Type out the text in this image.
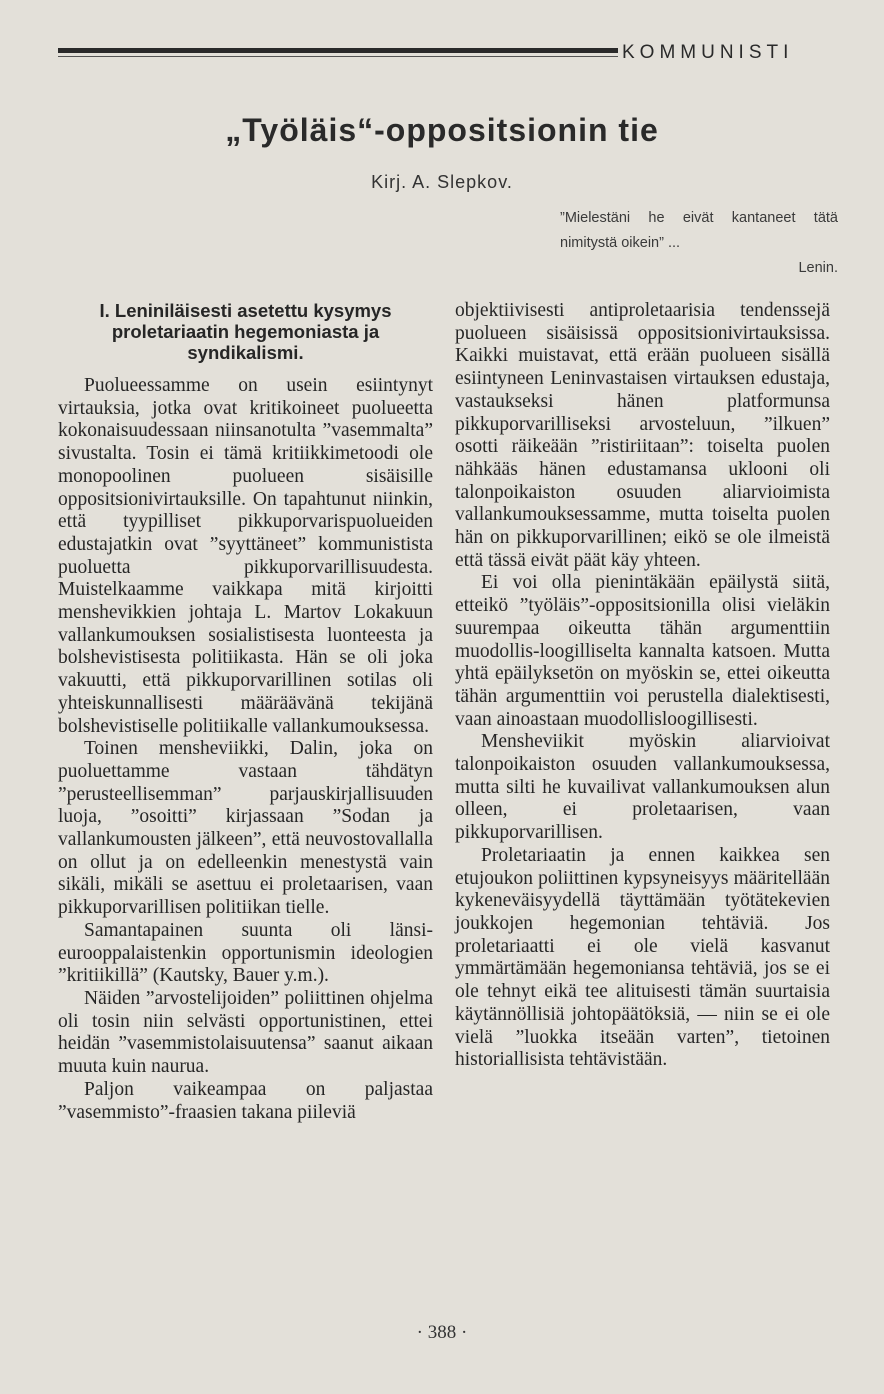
KOMMUNISTI
„Työläis“-oppositsionin tie
Kirj. A. Slepkov.
”Mielestäni he eivät kantaneet tätä nimitystä oikein” ...
Lenin.
I. Leniniläisesti asetettu kysymys proletariaatin hegemoniasta ja syndikalismi.

Puolueessamme on usein esiintynyt virtauksia, jotka ovat kritikoineet puolueetta kokonaisuudessaan niinsanotulta ”vasemmalta” sivustalta. Tosin ei tämä kritiikkimetoodi ole monopoolinen puolueen sisäisille oppositsionivirtauksille. On tapahtunut niinkin, että tyypilliset pikkuporvarispuolueiden edustajatkin ovat ”syyttäneet” kommunistista puoluetta pikkuporvarillisuudesta. Muistelkaamme vaikkapa mitä kirjoitti menshevikkien johtaja L. Martov Lokakuun vallankumouksen sosialistisesta luonteesta ja bolshevistisesta politiikasta. Hän se oli joka vakuutti, että pikkuporvarillinen sotilas oli yhteiskunnallisesti määräävänä tekijänä bolshevistiselle politiikalle vallankumouksessa.

Toinen mensheviikki, Dalin, joka on puoluettamme vastaan tähdätyn ”perusteellisemman” parjauskirjallisuuden luoja, ”osoitti” kirjassaan ”Sodan ja vallankumousten jälkeen”, että neuvostovallalla on ollut ja on edelleenkin menestystä vain sikäli, mikäli se asettuu ei proletaarisen, vaan pikkuporvarillisen politiikan tielle.

Samantapainen suunta oli länsi-eurooppalaistenkin opportunismin ideologien ”kritiikillä” (Kautsky, Bauer y.m.).

Näiden ”arvostelijoiden” poliittinen ohjelma oli tosin niin selvästi opportunistinen, ettei heidän ”vasemmistolaisuutensa” saanut aikaan muuta kuin naurua.

Paljon vaikeampaa on paljastaa ”vasemmisto”-fraasien takana piileviä

objektiivisesti antiproletaarisia tendenssejä puolueen sisäisissä oppositsionivirtauksissa. Kaikki muistavat, että erään puolueen sisällä esiintyneen Leninvastaisen virtauksen edustaja, vastaukseksi hänen platformunsa pikkuporvarilliseksi arvosteluun, ”ilkuen” osotti räikeään ”ristiriitaan”: toiselta puolen nähkääs hänen edustamansa uklooni oli talonpoikaiston osuuden aliarvioimista vallankumouksessamme, mutta toiselta puolen hän on pikkuporvarillinen; eikö se ole ilmeistä että tässä eivät päät käy yhteen.

Ei voi olla pienintäkään epäilystä siitä, etteikö ”työläis”-oppositsionilla olisi vieläkin suurempaa oikeutta tähän argumenttiin muodollis-loogilliselta kannalta katsoen. Mutta yhtä epäilyksetön on myöskin se, ettei oikeutta tähän argumenttiin voi perustella dialektisesti, vaan ainoastaan muodollisloogillisesti.

Mensheviikit myöskin aliarvioivat talonpoikaiston osuuden vallankumouksessa, mutta silti he kuvailivat vallankumouksen alun olleen, ei proletaarisen, vaan pikkuporvarillisen.

Proletariaatin ja ennen kaikkea sen etujoukon poliittinen kypsyneisyys määritellään kykeneväisyydellä täyttämään työtätekevien joukkojen hegemonian tehtäviä. Jos proletariaatti ei ole vielä kasvanut ymmärtämään hegemoniansa tehtäviä, jos se ei ole tehnyt eikä tee alituisesti tämän suurtaisia käytännöllisiä johtopäätöksiä, — niin se ei ole vielä ”luokka itseään varten”, tietoinen historiallisista tehtävistään.

· 388 ·
